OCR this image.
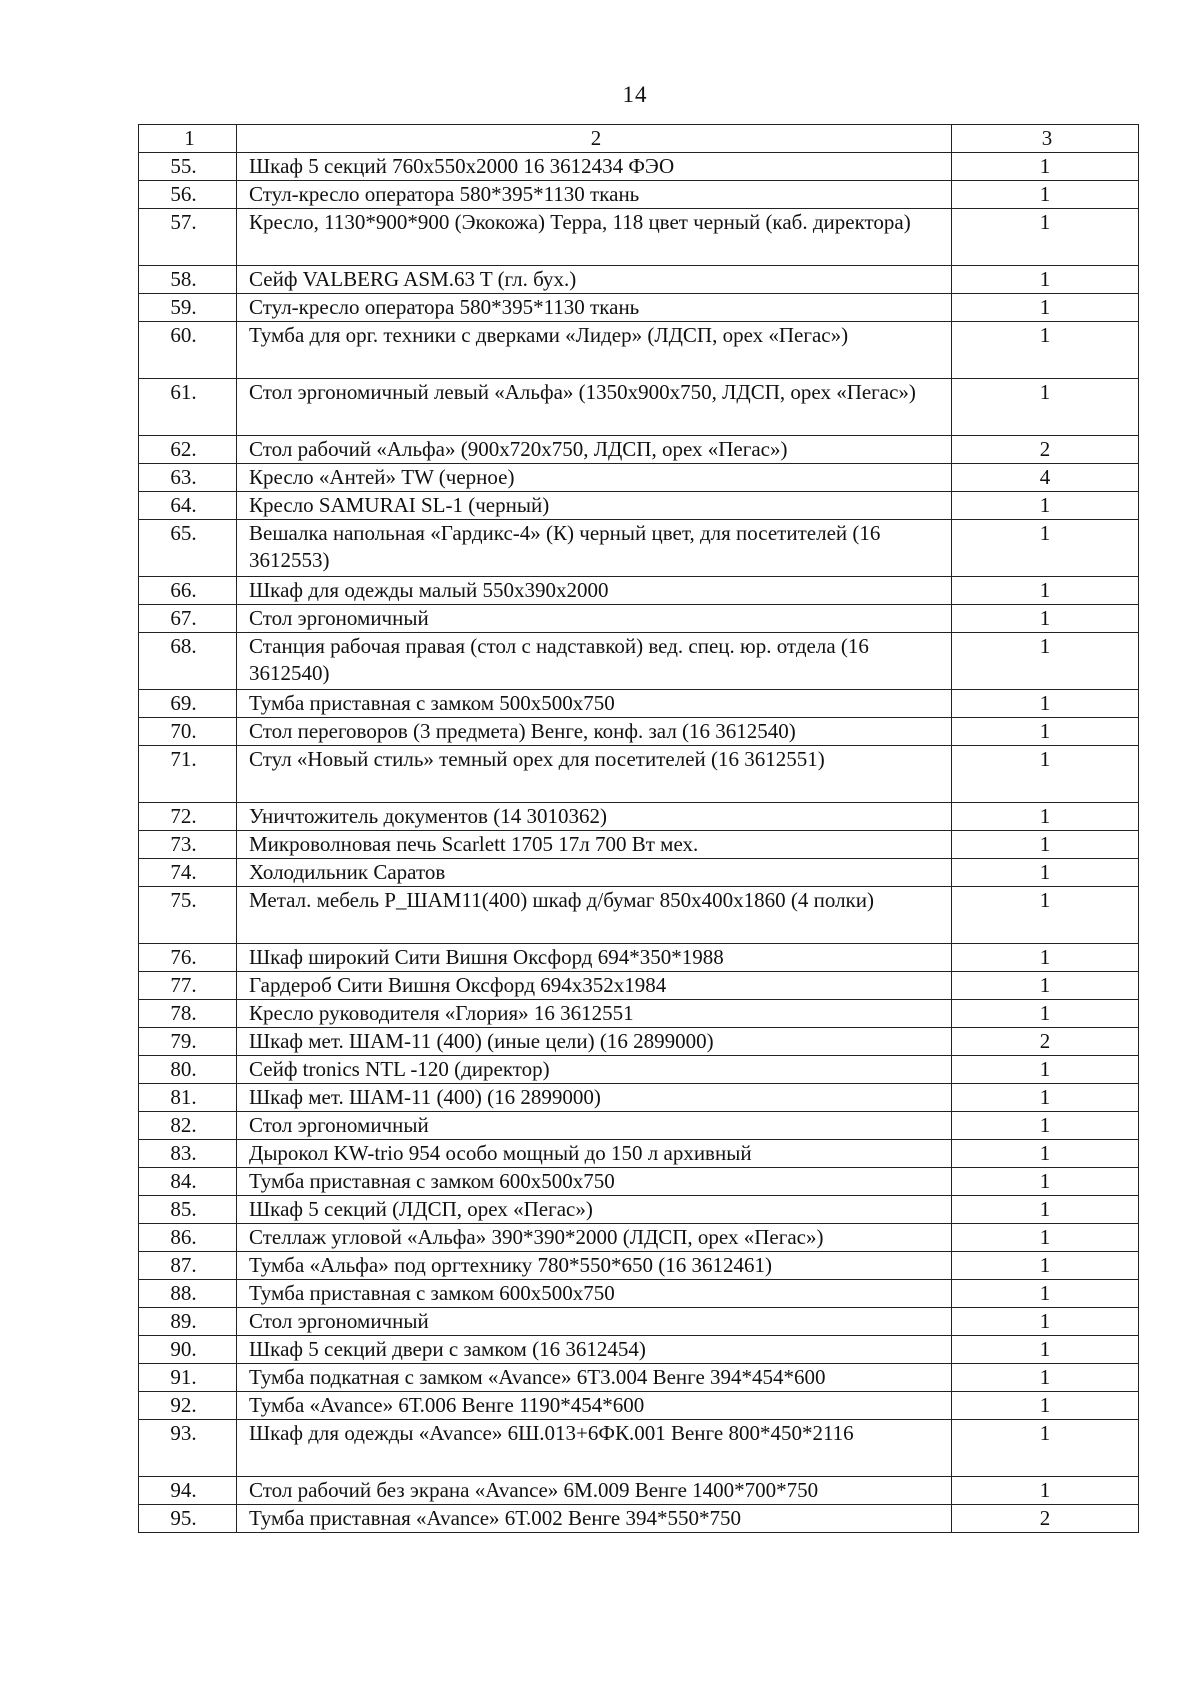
14
1	2	3
55.	Шкаф 5 секций 760х550х2000 16 3612434 ФЭО	1
56.	Стул-кресло оператора 580*395*1130 ткань	1
57.	Кресло, 1130*900*900 (Экокожа) Терра, 118 цвет черный (каб. директора)	1
58.	Сейф VALBERG ASM.63 T (гл. бух.)	1
59.	Стул-кресло оператора 580*395*1130 ткань	1
60.	Тумба для орг. техники с дверками «Лидер» (ЛДСП, орех «Пегас»)	1
61.	Стол эргономичный левый «Альфа» (1350х900х750, ЛДСП, орех «Пегас»)	1
62.	Стол рабочий «Альфа» (900х720х750, ЛДСП, орех «Пегас»)	2
63.	Кресло «Антей» TW (черное)	4
64.	Кресло SAMURAI SL-1 (черный)	1
65.	Вешалка напольная «Гардикс-4» (К) черный цвет, для посетителей (16 3612553)	1
66.	Шкаф для одежды малый 550х390х2000	1
67.	Стол эргономичный	1
68.	Станция рабочая правая (стол с надставкой) вед. спец. юр. отдела (16 3612540)	1
69.	Тумба приставная с замком 500х500х750	1
70.	Стол переговоров (3 предмета) Венге, конф. зал (16 3612540)	1
71.	Стул «Новый стиль» темный орех для посетителей (16 3612551)	1
72.	Уничтожитель документов (14 3010362)	1
73.	Микроволновая печь Scarlett 1705 17л 700 Вт мех.	1
74.	Холодильник Саратов	1
75.	Метал. мебель Р_ШАМ11(400) шкаф д/бумаг 850х400х1860 (4 полки)	1
76.	Шкаф широкий Сити Вишня Оксфорд 694*350*1988	1
77.	Гардероб Сити Вишня Оксфорд 694х352х1984	1
78.	Кресло руководителя «Глория» 16 3612551	1
79.	Шкаф мет. ШАМ-11 (400) (иные цели) (16 2899000)	2
80.	Сейф tronics NTL -120 (директор)	1
81.	Шкаф мет. ШАМ-11 (400) (16 2899000)	1
82.	Стол эргономичный	1
83.	Дырокол KW-trio 954 особо мощный до 150 л архивный	1
84.	Тумба приставная с замком 600х500х750	1
85.	Шкаф 5 секций (ЛДСП, орех «Пегас»)	1
86.	Стеллаж угловой «Альфа» 390*390*2000 (ЛДСП, орех «Пегас»)	1
87.	Тумба «Альфа» под оргтехнику 780*550*650 (16 3612461)	1
88.	Тумба приставная с замком 600х500х750	1
89.	Стол эргономичный	1
90.	Шкаф 5 секций двери с замком (16 3612454)	1
91.	Тумба подкатная с замком «Avance» 6Т3.004 Венге 394*454*600	1
92.	Тумба «Avance» 6Т.006 Венге 1190*454*600	1
93.	Шкаф для одежды «Avance» 6Ш.013+6ФК.001 Венге 800*450*2116	1
94.	Стол рабочий без экрана «Avance» 6М.009 Венге 1400*700*750	1
95.	Тумба приставная «Avance» 6Т.002 Венге 394*550*750	2
